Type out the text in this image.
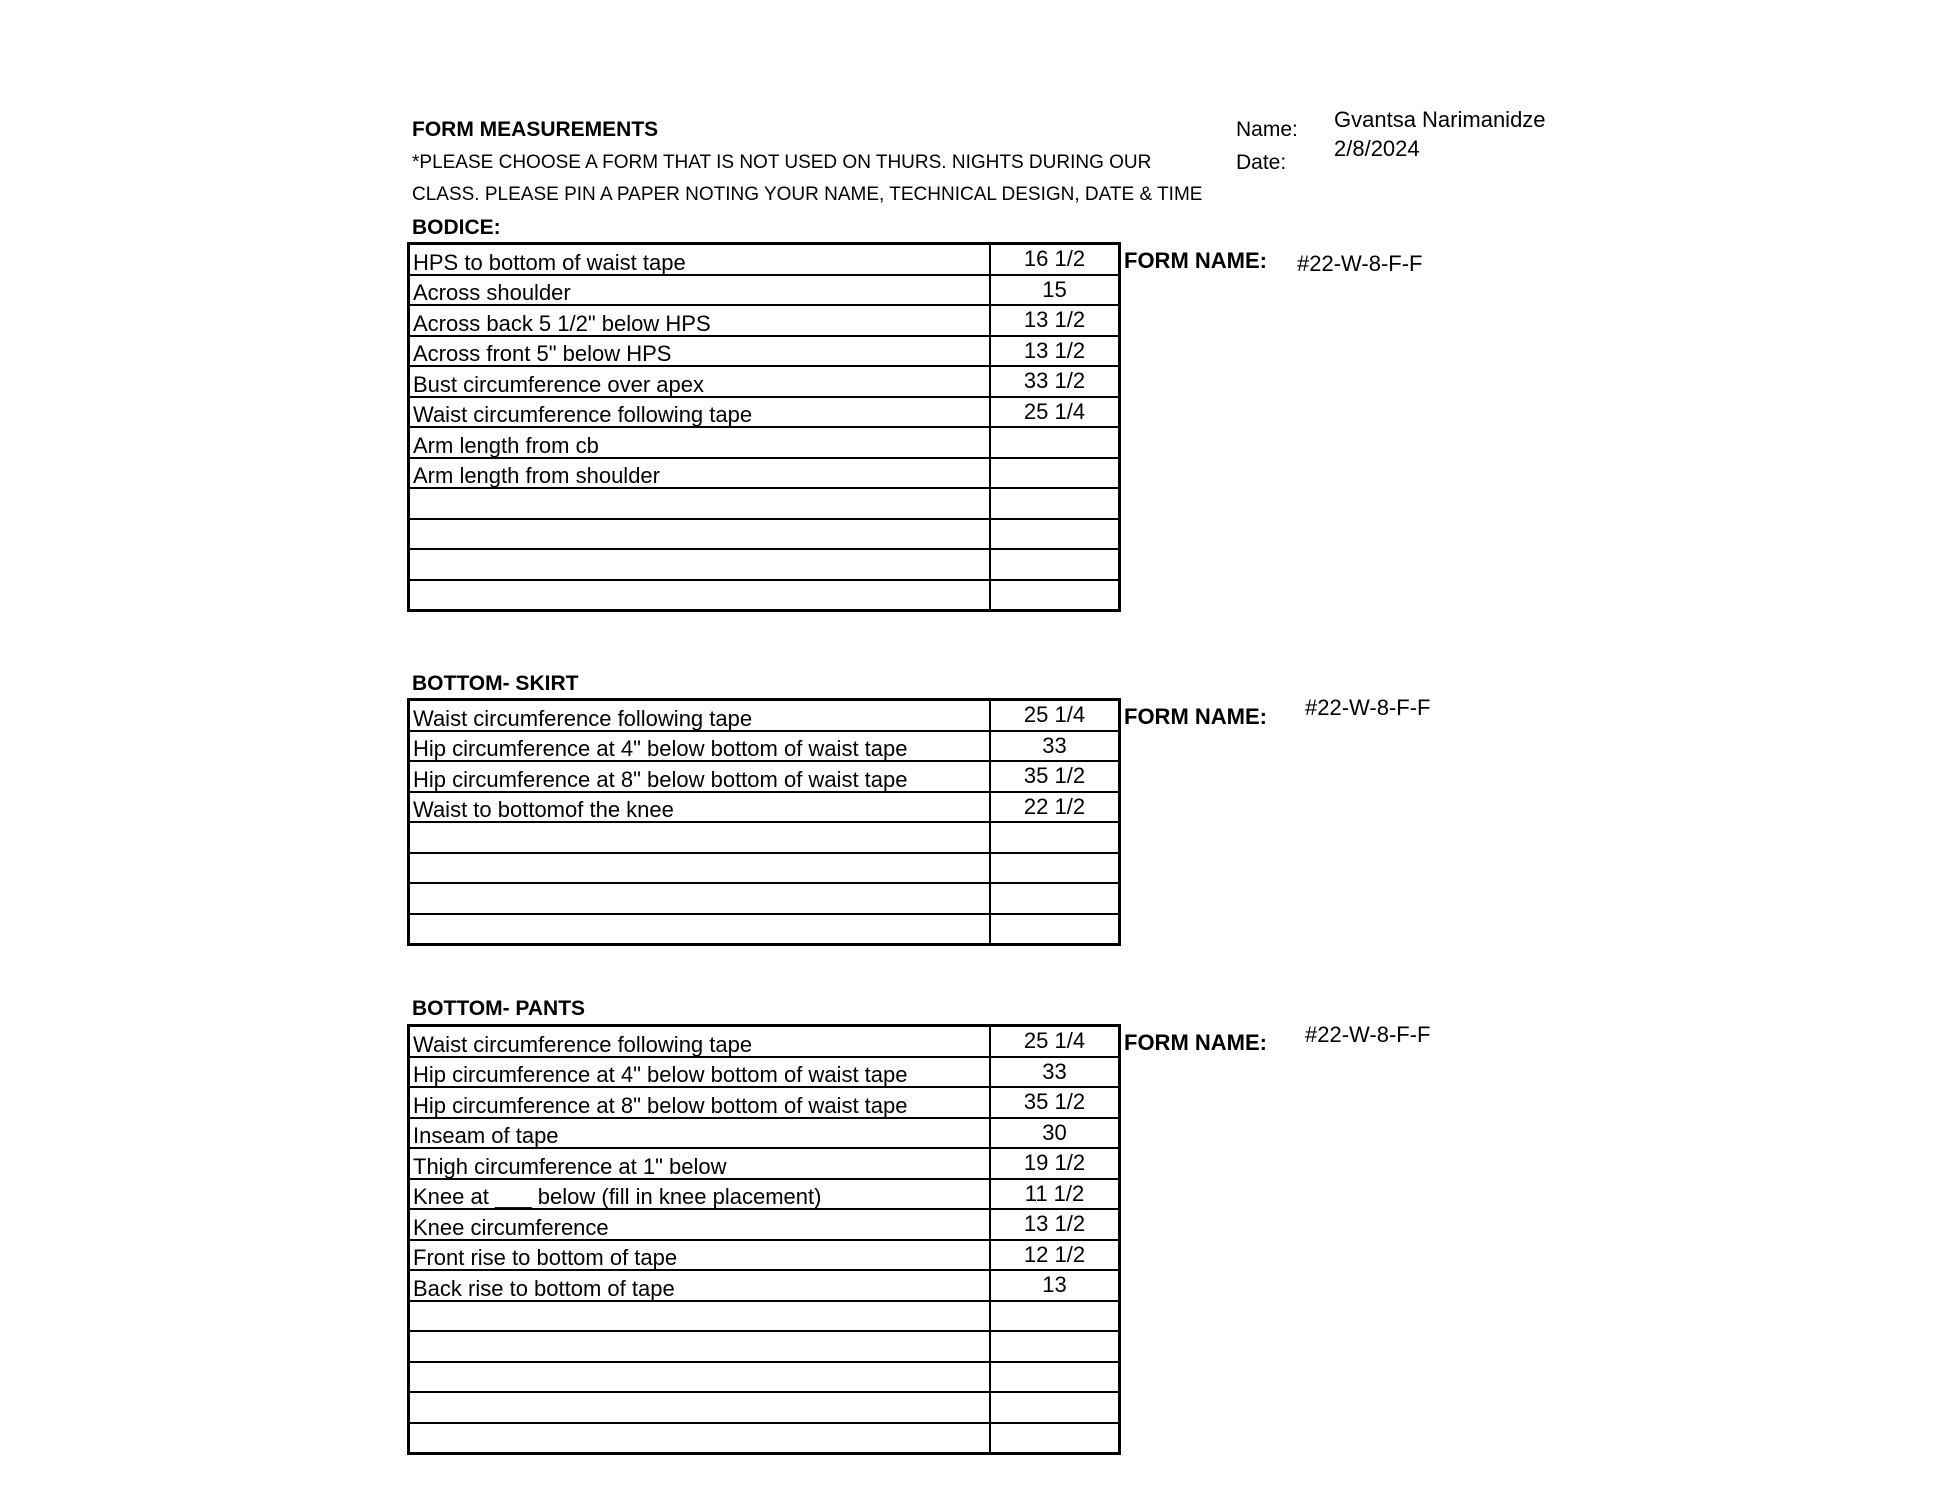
FORM MEASUREMENTS
*PLEASE CHOOSE A FORM THAT IS NOT USED ON THURS. NIGHTS DURING OUR
CLASS. PLEASE PIN A PAPER NOTING YOUR NAME, TECHNICAL DESIGN, DATE & TIME
Name: Gvantsa Narimanidze
Date:
2/8/2024
BODICE:
HPS to bottom of waist tape	16 1/2
Across shoulder	15
Across back 5 1/2" below HPS	13 1/2
Across front 5" below HPS	13 1/2
Bust circumference over apex	33 1/2
Waist circumference following tape	25 1/4
Arm length from cb	
Arm length from shoulder	

FORM NAME: #22-W-8-F-F
BOTTOM- SKIRT
Waist circumference following tape	25 1/4
Hip circumference at 4" below bottom of waist tape	33
Hip circumference at 8" below bottom of waist tape	35 1/2
Waist to bottomof the knee	22 1/2

FORM NAME: #22-W-8-F-F
BOTTOM- PANTS
Waist circumference following tape	25 1/4
Hip circumference at 4" below bottom of waist tape	33
Hip circumference at 8" below bottom of waist tape	35 1/2
Inseam of tape	30
Thigh circumference at 1" below	19 1/2
Knee at ___ below (fill in knee placement)	11 1/2
Knee circumference	13 1/2
Front rise to bottom of tape	12 1/2
Back rise to bottom of tape	13

FORM NAME: #22-W-8-F-F
